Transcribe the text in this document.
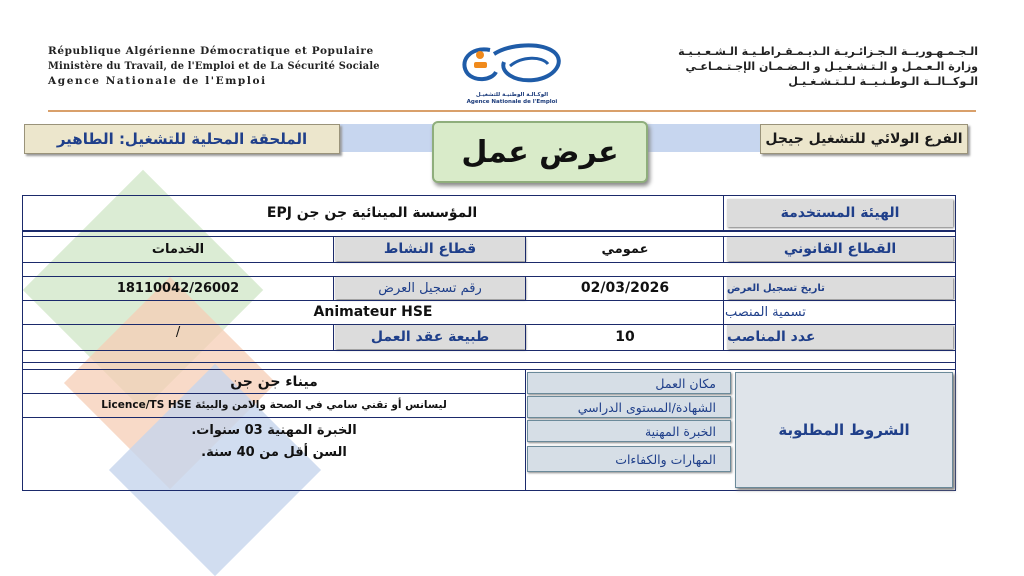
République Algérienne Démocratique et Populaire
Ministère du Travail, de l'Emploi et de La Sécurité Sociale
Agence Nationale de l'Emploi
الوكـالـة الوطنيـة للتشغيـل
Agence Nationale de l'Emploi
الـجـمـهـوريــة الـجـزائـريـة الـديـمـقـراطـيـة الـشـعـبـيـة
وزارة الـعـمـل و الـتـشـغـيـل و الـضـمـان الإجـتـمـاعـي
الـوكــالــة الـوطـنـيــة لـلـتـشـغـيـل
الفرع الولائي للتشغيل جيجل
الملحقة المحلية للتشغيل: الطاهير	عرض عمل
المؤسسة المينائية جن جن EPJ	الهيئة المستخدمة
القطاع القانوني
عمومي
قطاع النشاط
الخدمات
تاريخ تسجيل العرض
02/03/2026
رقم تسجيل العرض
18110042/26002
تسمية المنصب
Animateur HSE
عدد المناصب
10
طبيعة عقد العمل
/
الشروط المطلوبة
مكان العمل
الشهادة/المستوى الدراسي
الخبرة المهنية
المهارات والكفاءات
ميناء جن جن
ليسانس أو تقني سامي في الصحة والامن والبيئة Licence/TS HSE
الخبرة المهنية 03 سنوات.
السن أقل من 40 سنة.
